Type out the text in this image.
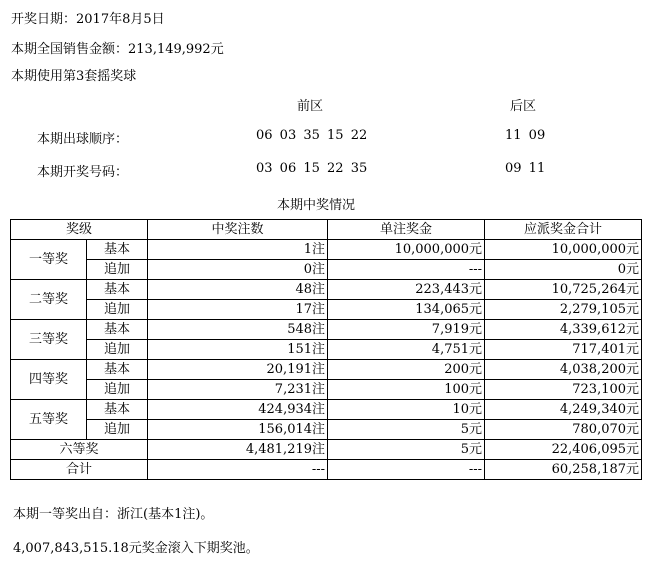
开奖日期：2017年8月5日
本期全国销售金额：213,149,992元
本期使用第3套摇奖球
前区	后区
本期出球顺序：	06 03 35 15 22	11 09
本期开奖号码：	03 06 15 22 35	09 11
本期中奖情况
奖级		中奖注数	单注奖金	应派奖金合计
一等奖	基本	1注	10,000,000元	10,000,000元
	追加	0注	---	0元
二等奖	基本	48注	223,443元	10,725,264元
	追加	17注	134,065元	2,279,105元
三等奖	基本	548注	7,919元	4,339,612元
	追加	151注	4,751元	717,401元
四等奖	基本	20,191注	200元	4,038,200元
	追加	7,231注	100元	723,100元
五等奖	基本	424,934注	10元	4,249,340元
	追加	156,014注	5元	780,070元
六等奖		4,481,219注	5元	22,406,095元
合计		---	---	60,258,187元
本期一等奖出自：浙江(基本1注)。
4,007,843,515.18元奖金滚入下期奖池。
